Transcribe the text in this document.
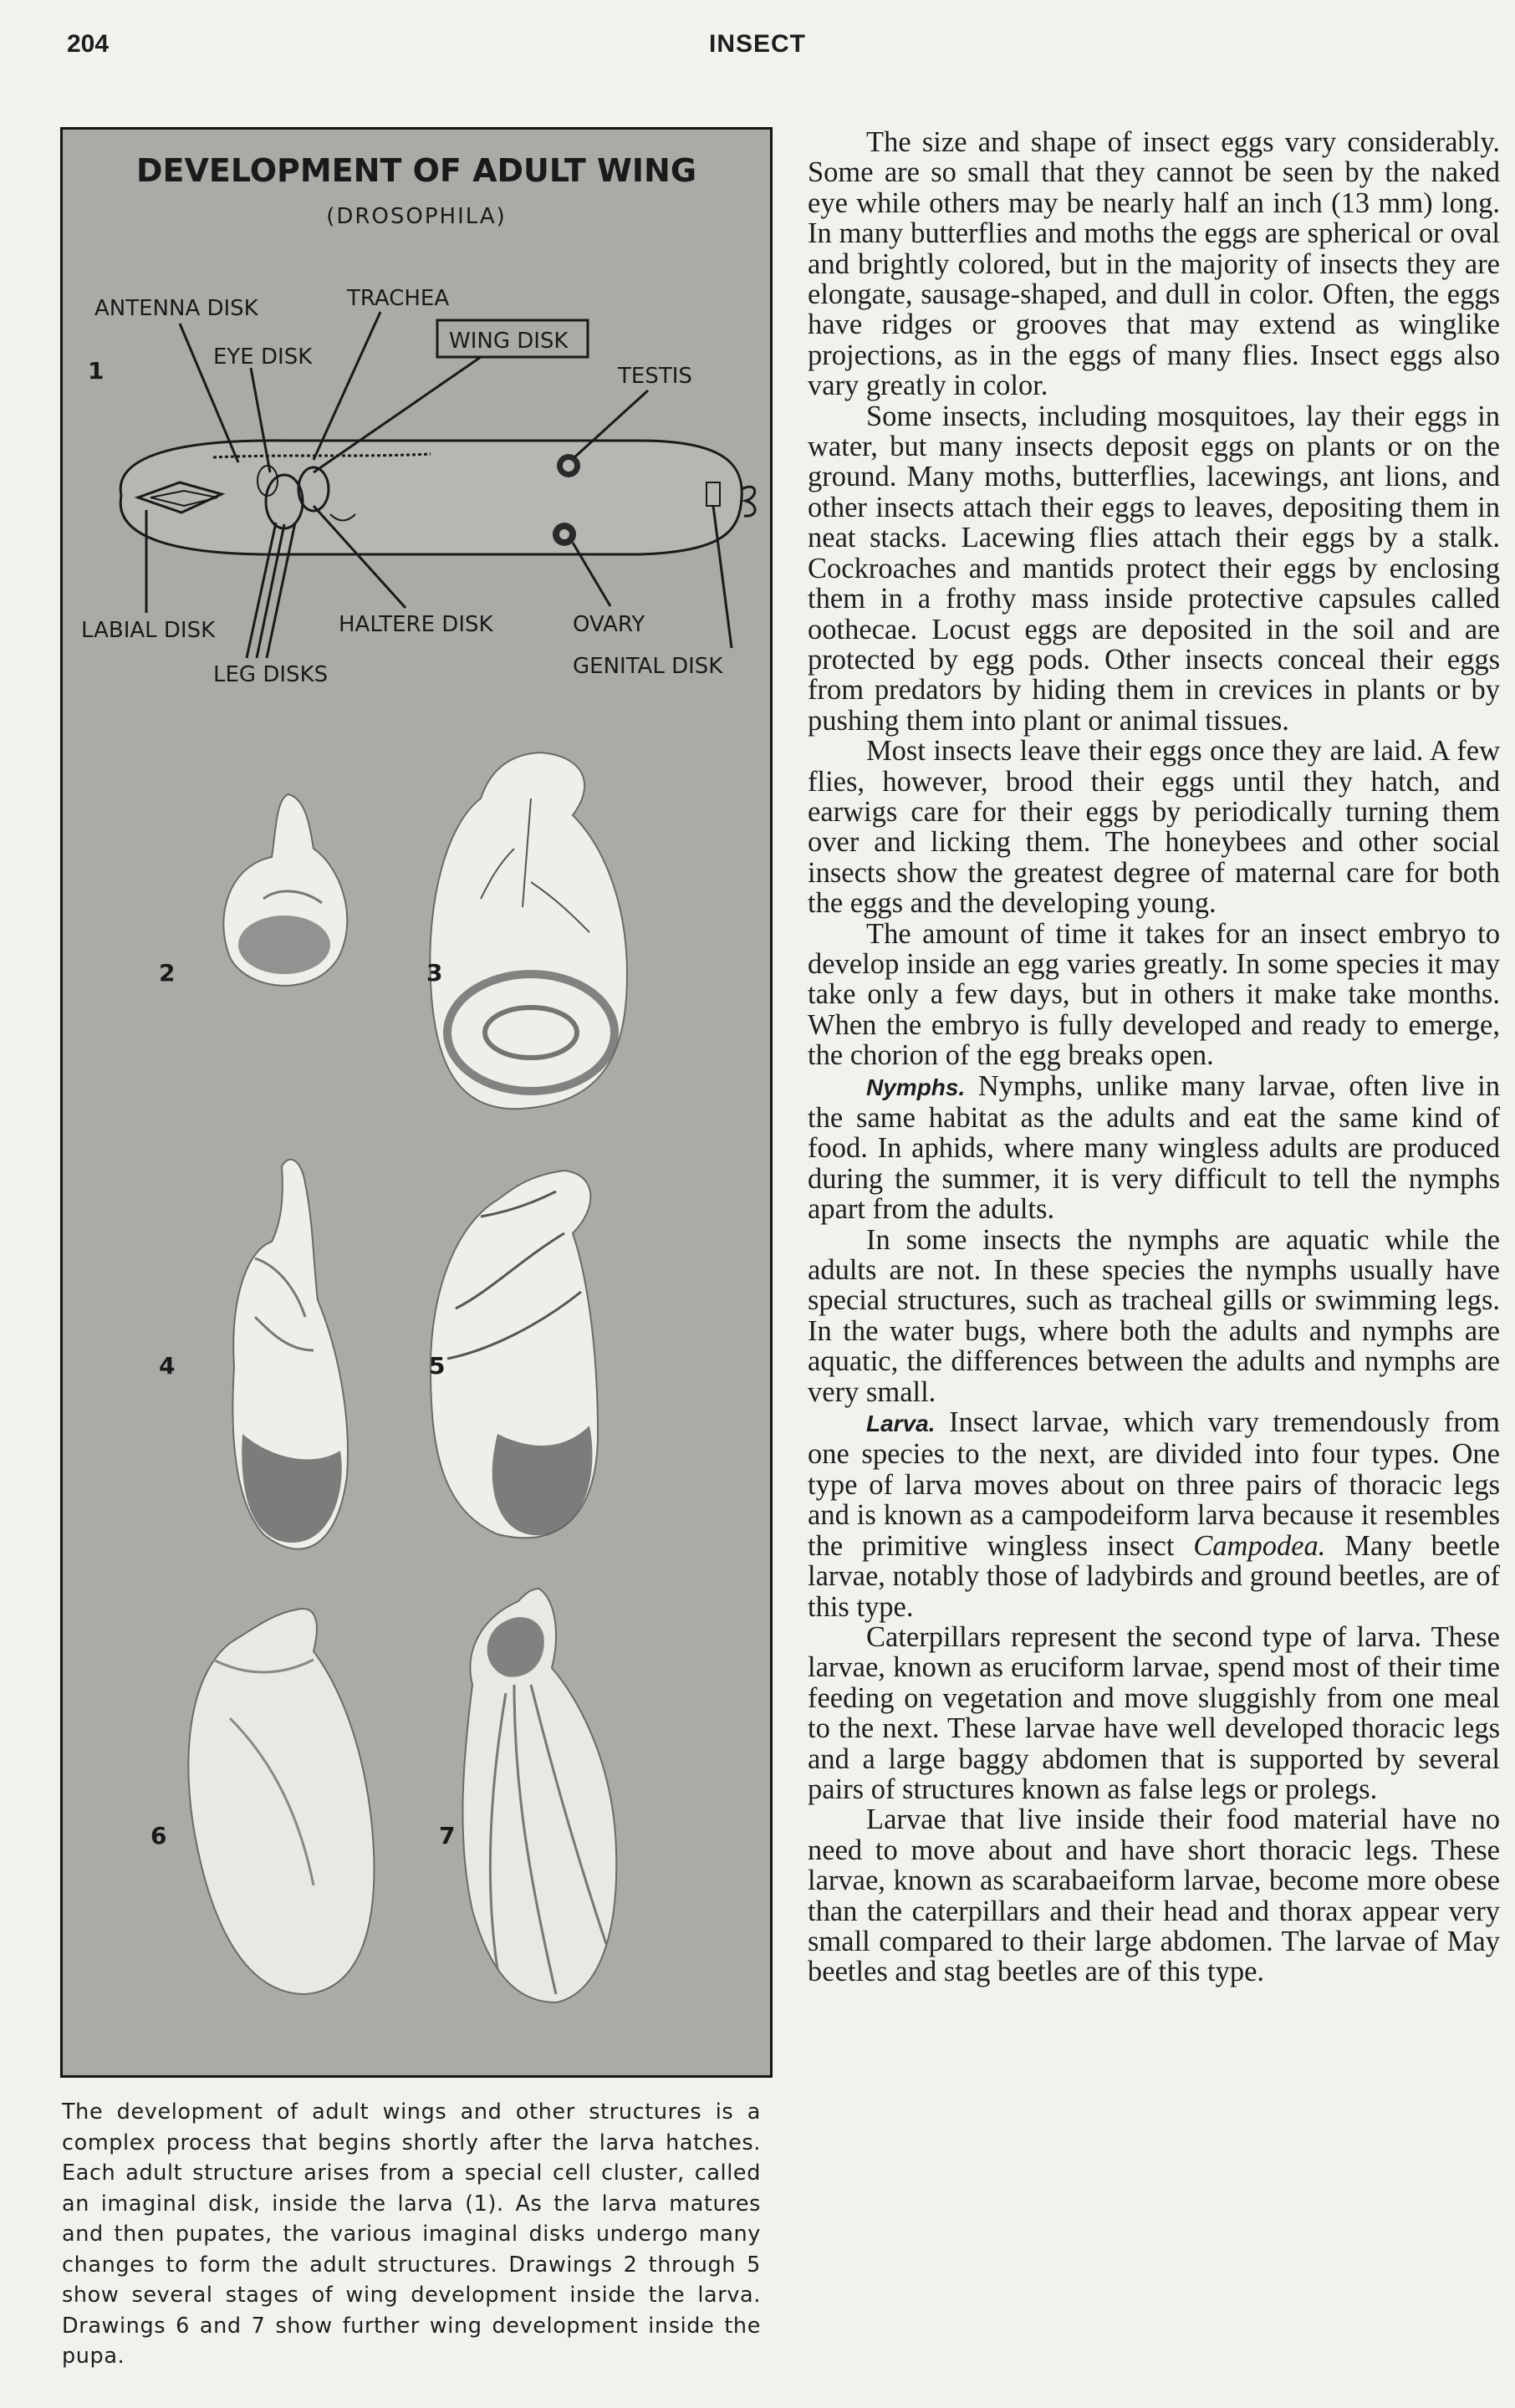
204	INSECT
DEVELOPMENT OF ADULT WING
(DROSOPHILA)
1
ANTENNA DISK	TRACHEA
EYE DISK
WING DISK
TESTIS
LABIAL DISK	HALTERE DISK	OVARY
LEG DISKS	GENITAL DISK
2	3
4	5
6	7

The development of adult wings and other structures is a complex process that begins shortly after the larva hatches. Each adult structure arises from a special cell cluster, called an imaginal disk, inside the larva (1). As the larva matures and then pupates, the various imaginal disks undergo many changes to form the adult structures. Drawings 2 through 5 show several stages of wing development inside the larva. Drawings 6 and 7 show further wing development inside the pupa.

The size and shape of insect eggs vary considerably. Some are so small that they cannot be seen by the naked eye while others may be nearly half an inch (13 mm) long. In many butterflies and moths the eggs are spherical or oval and brightly colored, but in the majority of insects they are elongate, sausage-shaped, and dull in color. Often, the eggs have ridges or grooves that may extend as winglike projections, as in the eggs of many flies. Insect eggs also vary greatly in color.

Some insects, including mosquitoes, lay their eggs in water, but many insects deposit eggs on plants or on the ground. Many moths, butterflies, lacewings, ant lions, and other insects attach their eggs to leaves, depositing them in neat stacks. Lacewing flies attach their eggs by a stalk. Cockroaches and mantids protect their eggs by enclosing them in a frothy mass inside protective capsules called oothecae. Locust eggs are deposited in the soil and are protected by egg pods. Other insects conceal their eggs from predators by hiding them in crevices in plants or by pushing them into plant or animal tissues.

Most insects leave their eggs once they are laid. A few flies, however, brood their eggs until they hatch, and earwigs care for their eggs by periodically turning them over and licking them. The honeybees and other social insects show the greatest degree of maternal care for both the eggs and the developing young.

The amount of time it takes for an insect embryo to develop inside an egg varies greatly. In some species it may take only a few days, but in others it make take months. When the embryo is fully developed and ready to emerge, the chorion of the egg breaks open.

Nymphs. Nymphs, unlike many larvae, often live in the same habitat as the adults and eat the same kind of food. In aphids, where many wingless adults are produced during the summer, it is very difficult to tell the nymphs apart from the adults.

In some insects the nymphs are aquatic while the adults are not. In these species the nymphs usually have special structures, such as tracheal gills or swimming legs. In the water bugs, where both the adults and nymphs are aquatic, the differences between the adults and nymphs are very small.

Larva. Insect larvae, which vary tremendously from one species to the next, are divided into four types. One type of larva moves about on three pairs of thoracic legs and is known as a campodeiform larva because it resembles the primitive wingless insect Campodea. Many beetle larvae, notably those of ladybirds and ground beetles, are of this type.

Caterpillars represent the second type of larva. These larvae, known as eruciform larvae, spend most of their time feeding on vegetation and move sluggishly from one meal to the next. These larvae have well developed thoracic legs and a large baggy abdomen that is supported by several pairs of structures known as false legs or prolegs.

Larvae that live inside their food material have no need to move about and have short thoracic legs. These larvae, known as scarabaeiform larvae, become more obese than the caterpillars and their head and thorax appear very small compared to their large abdomen. The larvae of May beetles and stag beetles are of this type.
